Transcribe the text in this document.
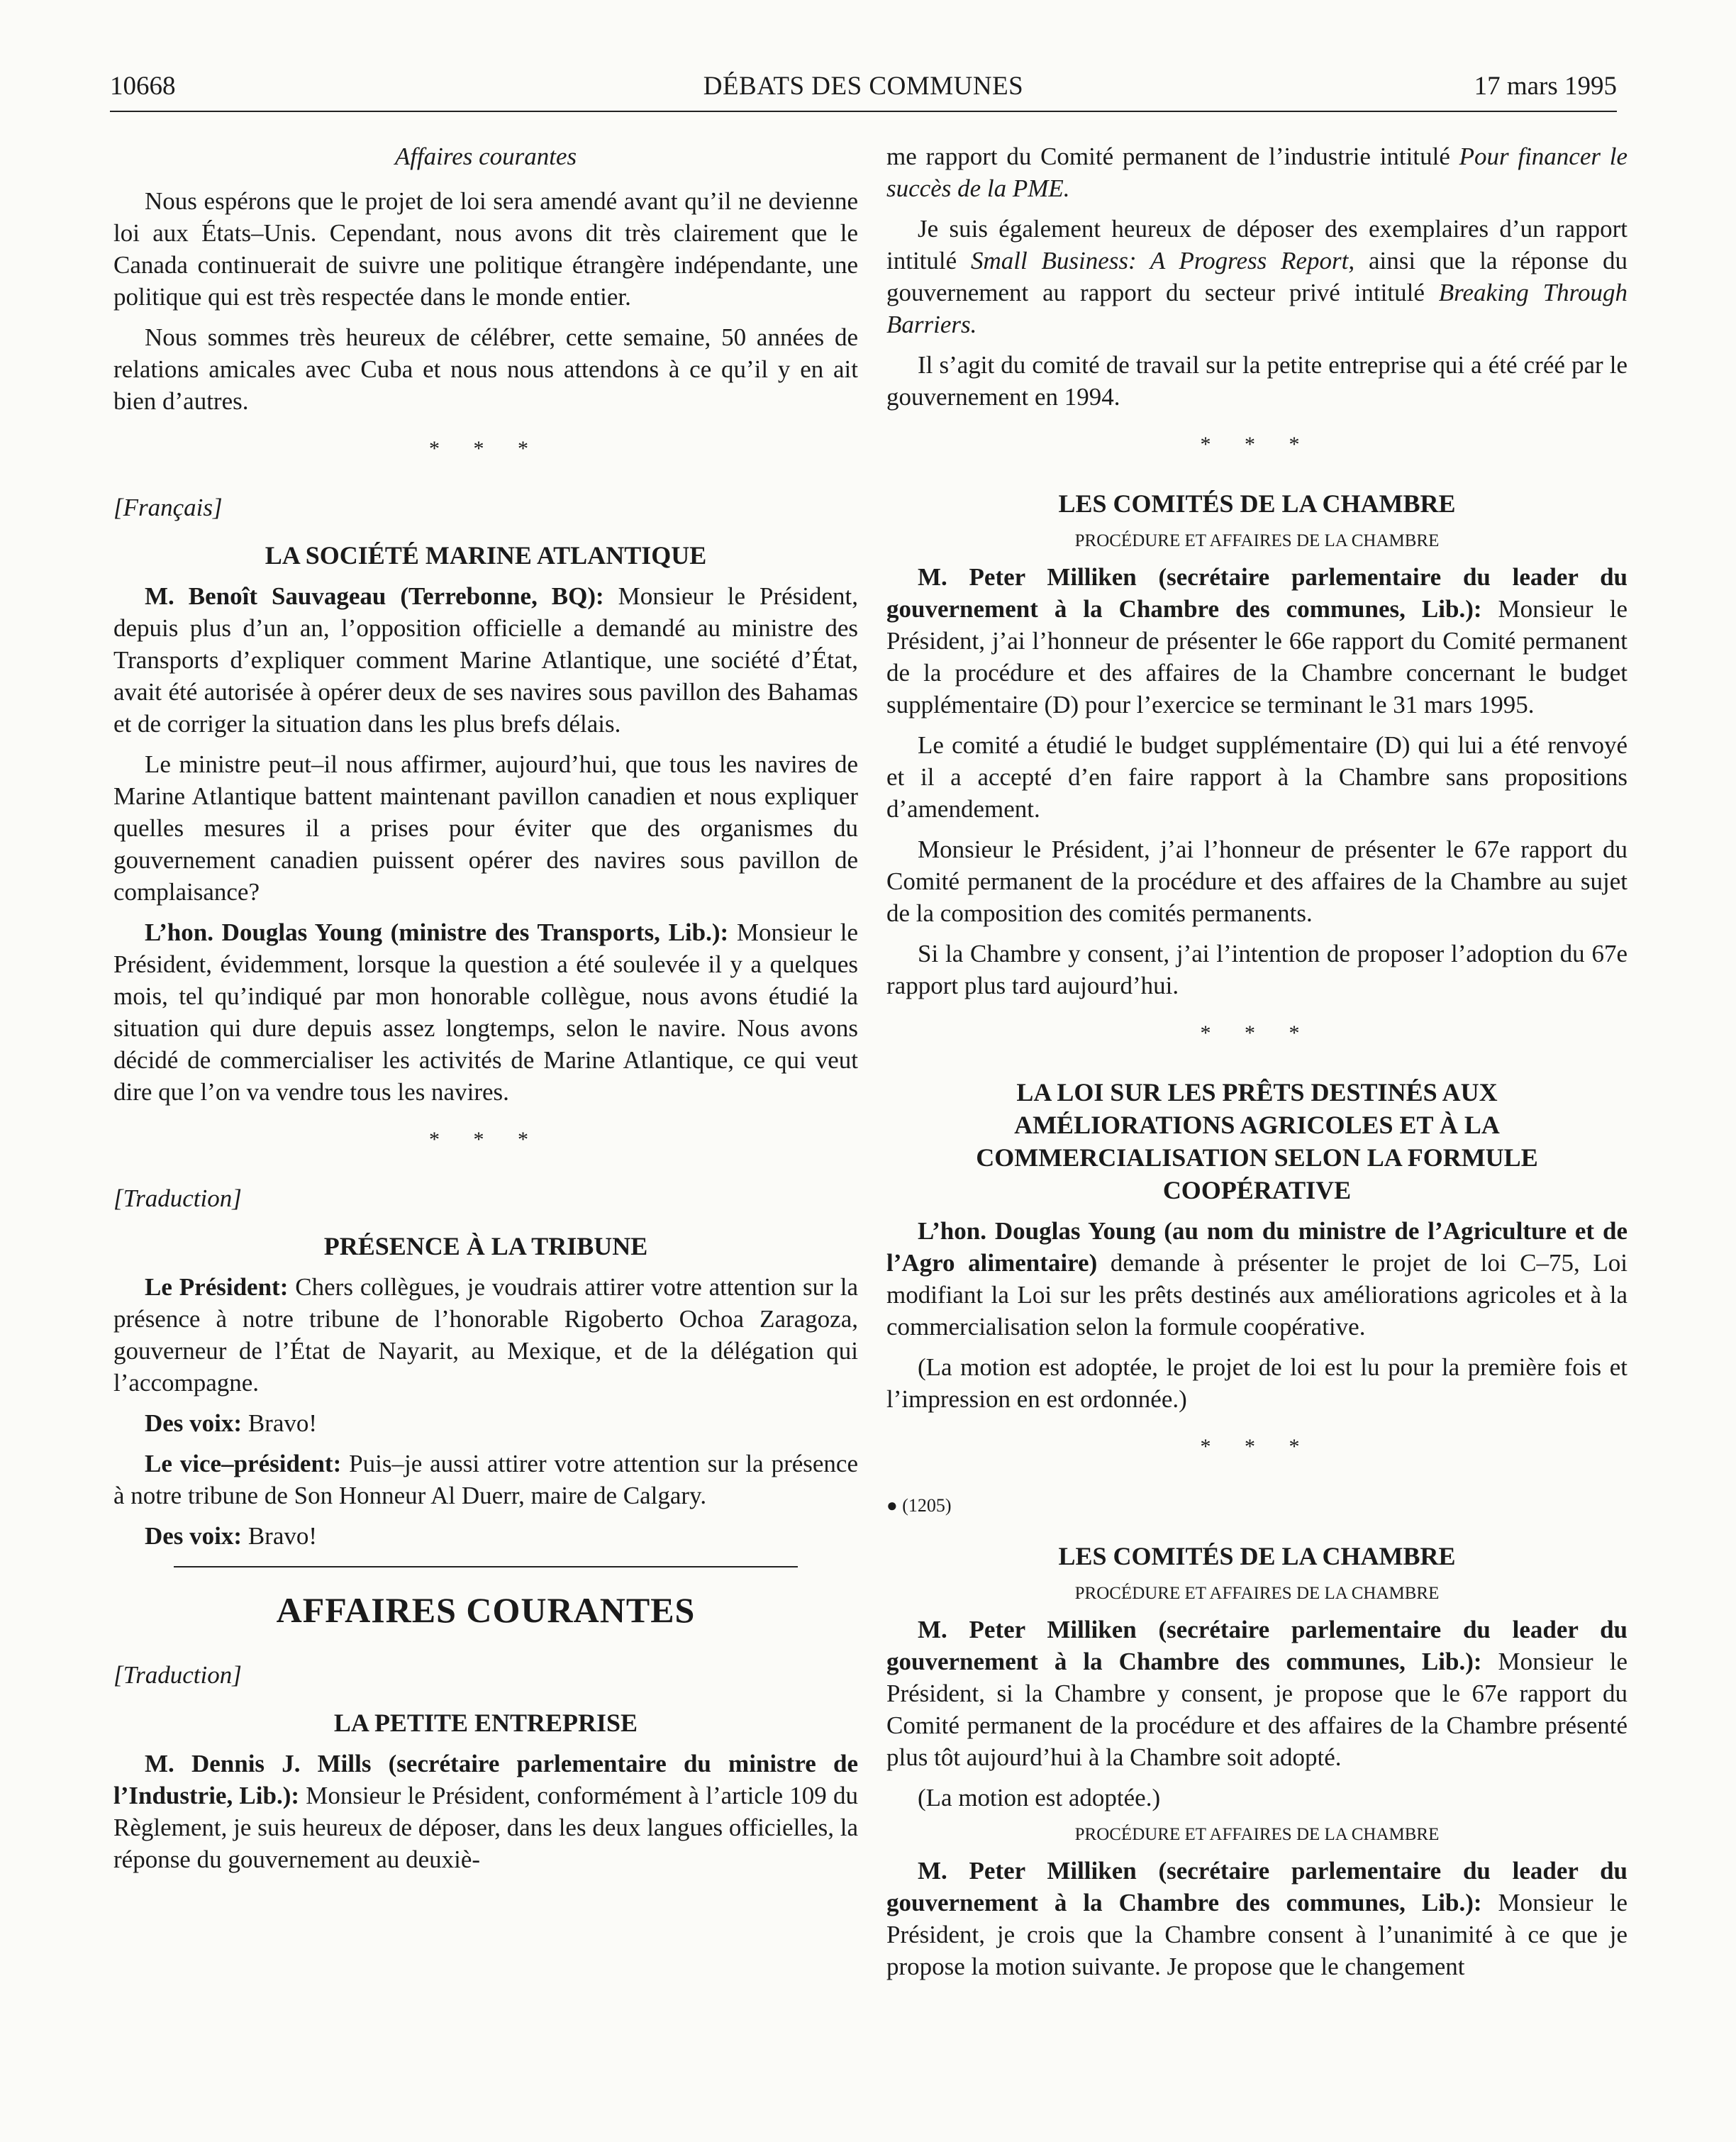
10668	DÉBATS DES COMMUNES	17 mars 1995
Affaires courantes

Nous espérons que le projet de loi sera amendé avant qu’il ne devienne loi aux États–Unis. Cependant, nous avons dit très clairement que le Canada continuerait de suivre une politique étrangère indépendante, une politique qui est très respectée dans le monde entier.

Nous sommes très heureux de célébrer, cette semaine, 50 années de relations amicales avec Cuba et nous nous attendons à ce qu’il y en ait bien d’autres.

* * *
[Français]
LA SOCIÉTÉ MARINE ATLANTIQUE

M. Benoît Sauvageau (Terrebonne, BQ): Monsieur le Président, depuis plus d’un an, l’opposition officielle a demandé au ministre des Transports d’expliquer comment Marine Atlantique, une société d’État, avait été autorisée à opérer deux de ses navires sous pavillon des Bahamas et de corriger la situation dans les plus brefs délais.

Le ministre peut–il nous affirmer, aujourd’hui, que tous les navires de Marine Atlantique battent maintenant pavillon canadien et nous expliquer quelles mesures il a prises pour éviter que des organismes du gouvernement canadien puissent opérer des navires sous pavillon de complaisance?

L’hon. Douglas Young (ministre des Transports, Lib.): Monsieur le Président, évidemment, lorsque la question a été soulevée il y a quelques mois, tel qu’indiqué par mon honorable collègue, nous avons étudié la situation qui dure depuis assez longtemps, selon le navire. Nous avons décidé de commercialiser les activités de Marine Atlantique, ce qui veut dire que l’on va vendre tous les navires.

* * *
[Traduction]
PRÉSENCE À LA TRIBUNE

Le Président: Chers collègues, je voudrais attirer votre attention sur la présence à notre tribune de l’honorable Rigoberto Ochoa Zaragoza, gouverneur de l’État de Nayarit, au Mexique, et de la délégation qui l’accompagne.

Des voix: Bravo!

Le vice–président: Puis–je aussi attirer votre attention sur la présence à notre tribune de Son Honneur Al Duerr, maire de Calgary.

Des voix: Bravo!

AFFAIRES COURANTES
[Traduction]
LA PETITE ENTREPRISE

M. Dennis J. Mills (secrétaire parlementaire du ministre de l’Industrie, Lib.): Monsieur le Président, conformément à l’article 109 du Règlement, je suis heureux de déposer, dans les deux langues officielles, la réponse du gouvernement au deuxiè-

me rapport du Comité permanent de l’industrie intitulé Pour financer le succès de la PME.

Je suis également heureux de déposer des exemplaires d’un rapport intitulé Small Business: A Progress Report, ainsi que la réponse du gouvernement au rapport du secteur privé intitulé Breaking Through Barriers.

Il s’agit du comité de travail sur la petite entreprise qui a été créé par le gouvernement en 1994.

* * *
LES COMITÉS DE LA CHAMBRE
PROCÉDURE ET AFFAIRES DE LA CHAMBRE

M. Peter Milliken (secrétaire parlementaire du leader du gouvernement à la Chambre des communes, Lib.): Monsieur le Président, j’ai l’honneur de présenter le 66e rapport du Comité permanent de la procédure et des affaires de la Chambre concernant le budget supplémentaire (D) pour l’exercice se terminant le 31 mars 1995.

Le comité a étudié le budget supplémentaire (D) qui lui a été renvoyé et il a accepté d’en faire rapport à la Chambre sans propositions d’amendement.

Monsieur le Président, j’ai l’honneur de présenter le 67e rapport du Comité permanent de la procédure et des affaires de la Chambre au sujet de la composition des comités permanents.

Si la Chambre y consent, j’ai l’intention de proposer l’adoption du 67e rapport plus tard aujourd’hui.

* * *
LA LOI SUR LES PRÊTS DESTINÉS AUX AMÉLIORATIONS AGRICOLES ET À LA COMMERCIALISATION SELON LA FORMULE COOPÉRATIVE

L’hon. Douglas Young (au nom du ministre de l’Agriculture et de l’Agro alimentaire) demande à présenter le projet de loi C–75, Loi modifiant la Loi sur les prêts destinés aux améliorations agricoles et à la commercialisation selon la formule coopérative.

(La motion est adoptée, le projet de loi est lu pour la première fois et l’impression en est ordonnée.)

* * *
● (1205)
LES COMITÉS DE LA CHAMBRE
PROCÉDURE ET AFFAIRES DE LA CHAMBRE

M. Peter Milliken (secrétaire parlementaire du leader du gouvernement à la Chambre des communes, Lib.): Monsieur le Président, si la Chambre y consent, je propose que le 67e rapport du Comité permanent de la procédure et des affaires de la Chambre présenté plus tôt aujourd’hui à la Chambre soit adopté.

(La motion est adoptée.)

PROCÉDURE ET AFFAIRES DE LA CHAMBRE

M. Peter Milliken (secrétaire parlementaire du leader du gouvernement à la Chambre des communes, Lib.): Monsieur le Président, je crois que la Chambre consent à l’unanimité à ce que je propose la motion suivante. Je propose que le changement
